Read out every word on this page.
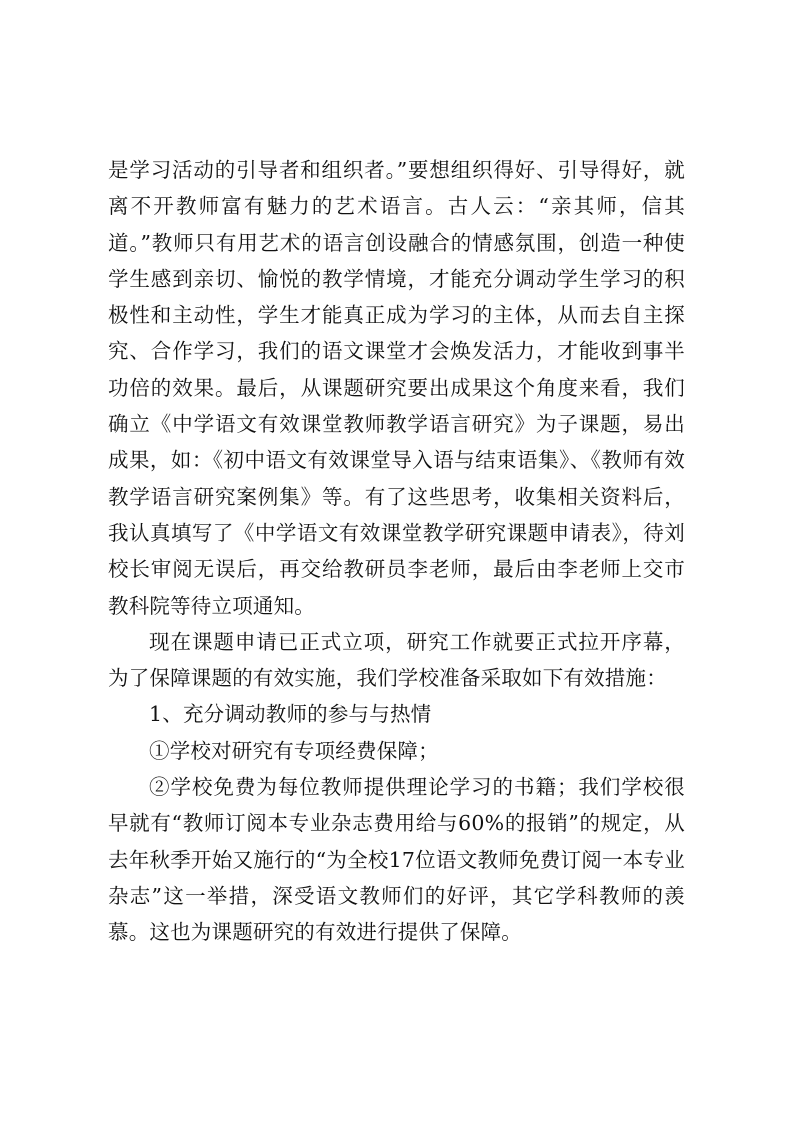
是学习活动的引导者和组织者。”要想组织得好、引导得好，就离不开教师富有魅力的艺术语言。古人云：“亲其师，信其道。”教师只有用艺术的语言创设融合的情感氛围，创造一种使学生感到亲切、愉悦的教学情境，才能充分调动学生学习的积极性和主动性，学生才能真正成为学习的主体，从而去自主探究、合作学习，我们的语文课堂才会焕发活力，才能收到事半功倍的效果。最后，从课题研究要出成果这个角度来看，我们确立《中学语文有效课堂教师教学语言研究》为子课题，易出成果，如：《初中语文有效课堂导入语与结束语集》、《教师有效教学语言研究案例集》等。有了这些思考，收集相关资料后，我认真填写了《中学语文有效课堂教学研究课题申请表》，待刘校长审阅无误后，再交给教研员李老师，最后由李老师上交市教科院等待立项通知。

现在课题申请已正式立项，研究工作就要正式拉开序幕，为了保障课题的有效实施，我们学校准备采取如下有效措施：

1、充分调动教师的参与与热情

①学校对研究有专项经费保障；

②学校免费为每位教师提供理论学习的书籍；我们学校很早就有“教师订阅本专业杂志费用给与60%的报销”的规定，从去年秋季开始又施行的“为全校17位语文教师免费订阅一本专业杂志”这一举措，深受语文教师们的好评，其它学科教师的羡慕。这也为课题研究的有效进行提供了保障。
